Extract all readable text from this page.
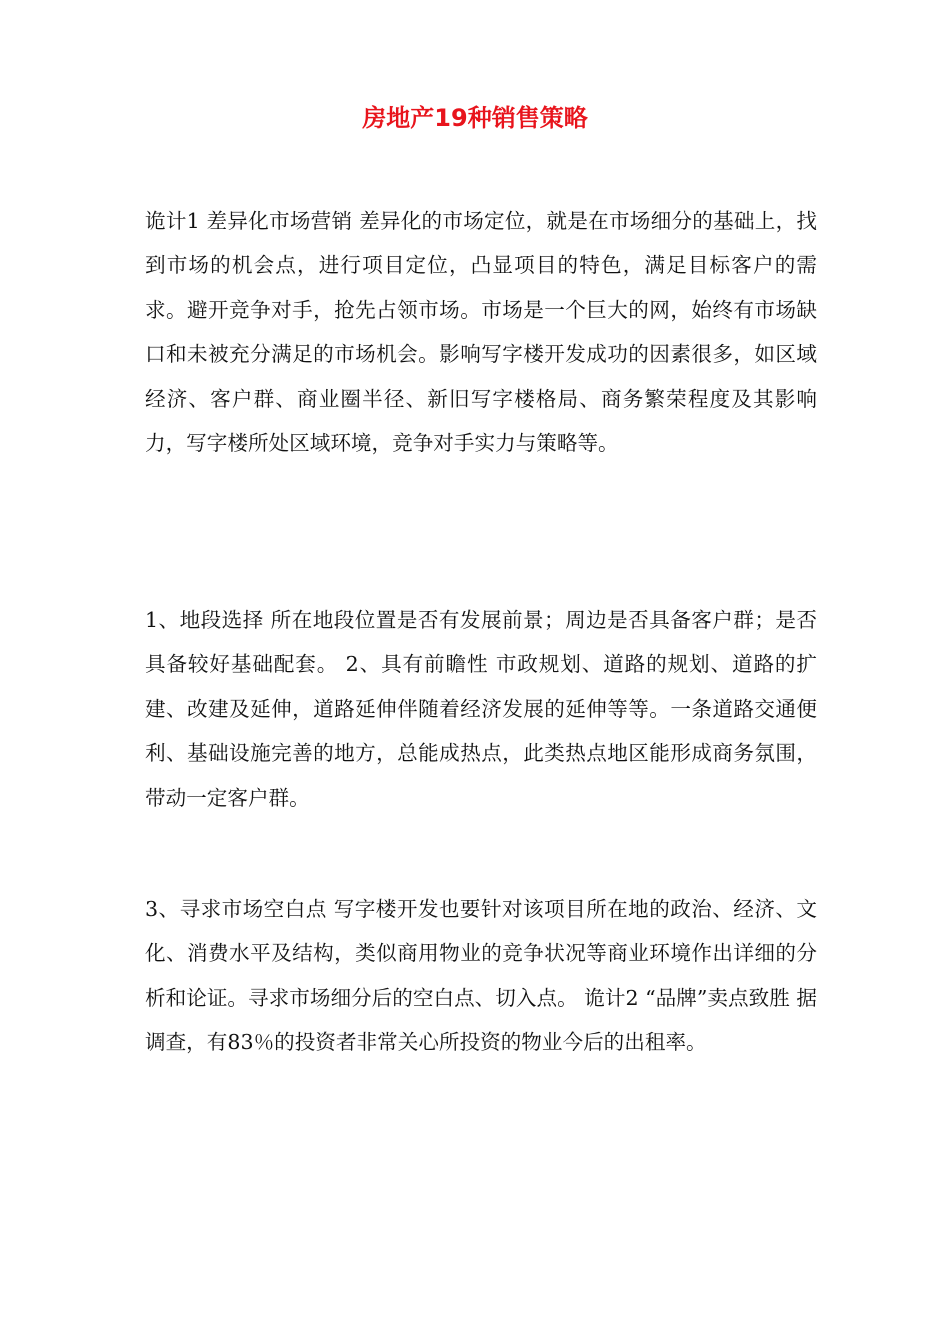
房地产19种销售策略

诡计1 差异化市场营销 差异化的市场定位，就是在市场细分的基础上，找到市场的机会点，进行项目定位，凸显项目的特色，满足目标客户的需求。避开竞争对手，抢先占领市场。市场是一个巨大的网，始终有市场缺口和未被充分满足的市场机会。影响写字楼开发成功的因素很多，如区域经济、客户群、商业圈半径、新旧写字楼格局、商务繁荣程度及其影响力，写字楼所处区域环境，竞争对手实力与策略等。

1、地段选择 所在地段位置是否有发展前景；周边是否具备客户群；是否具备较好基础配套。 2、具有前瞻性 市政规划、道路的规划、道路的扩建、改建及延伸，道路延伸伴随着经济发展的延伸等等。一条道路交通便利、基础设施完善的地方，总能成热点，此类热点地区能形成商务氛围，带动一定客户群。

3、寻求市场空白点 写字楼开发也要针对该项目所在地的政治、经济、文化、消费水平及结构，类似商用物业的竞争状况等商业环境作出详细的分析和论证。寻求市场细分后的空白点、切入点。 诡计2 “品牌”卖点致胜 据调查，有83％的投资者非常关心所投资的物业今后的出租率。
